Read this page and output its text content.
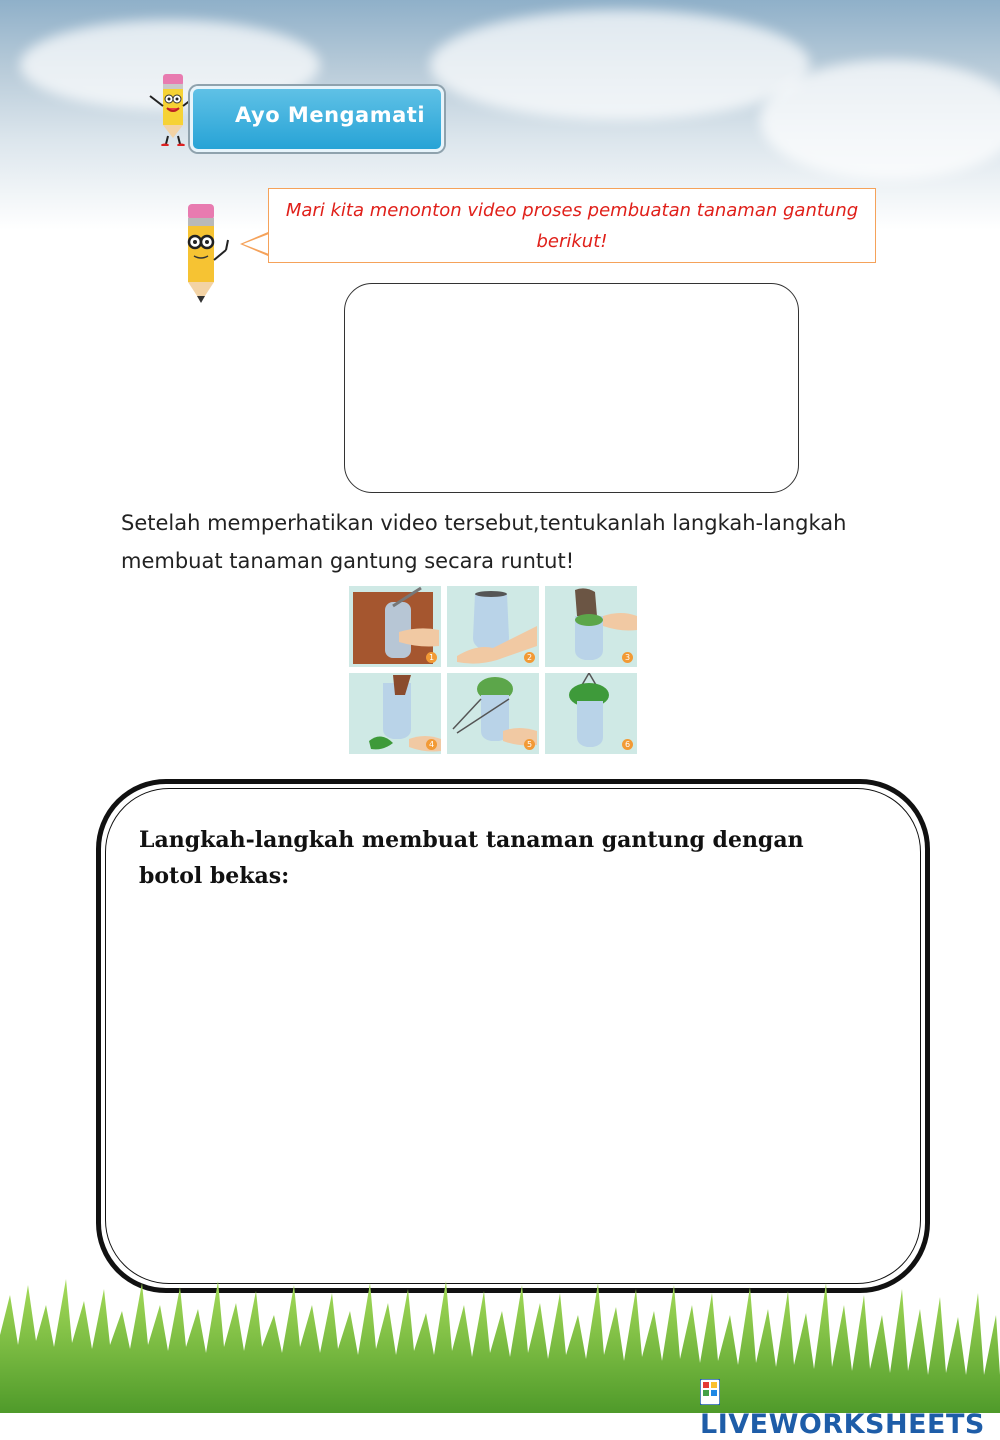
Ayo Mengamati
Mari kita menonton video proses pembuatan tanaman gantung
berikut!
Setelah memperhatikan video tersebut,tentukanlah langkah-langkah
membuat tanaman gantung secara runtut!
1	2	3
4	5	6
Langkah-langkah membuat tanaman gantung dengan
botol bekas:
LIVEWORKSHEETS
